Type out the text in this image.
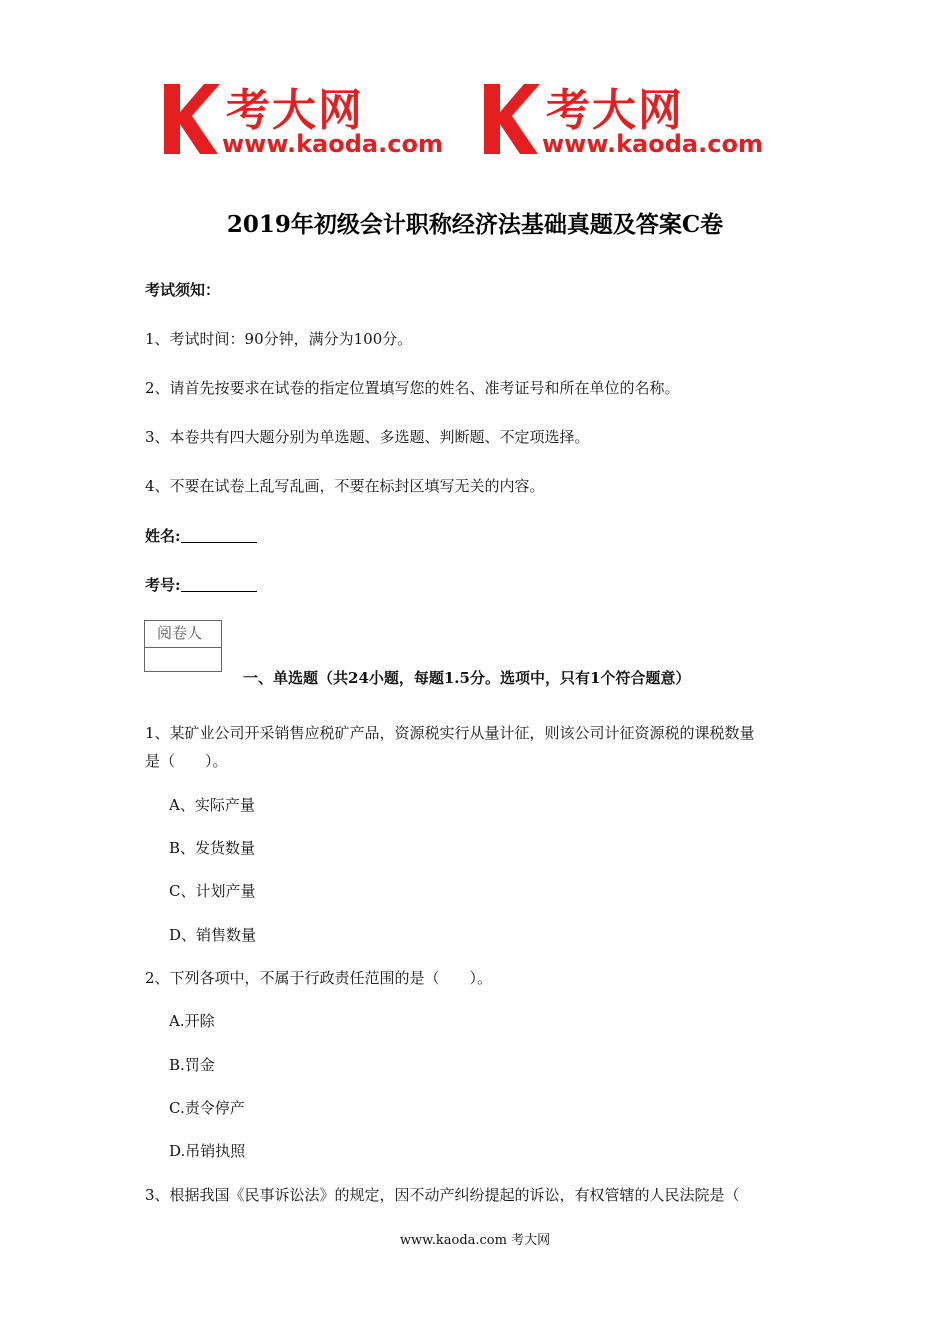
考大网
www.kaoda.com
考大网
www.kaoda.com
2019年初级会计职称经济法基础真题及答案C卷
考试须知：
1、考试时间：90分钟，满分为100分。
2、请首先按要求在试卷的指定位置填写您的姓名、准考证号和所在单位的名称。
3、本卷共有四大题分别为单选题、多选题、判断题、不定项选择。
4、不要在试卷上乱写乱画，不要在标封区填写无关的内容。
姓名:
考号:
阅卷人
一、单选题（共24小题，每题1.5分。选项中，只有1个符合题意）
1、某矿业公司开采销售应税矿产品，资源税实行从量计征，则该公司计征资源税的课税数量
是（　　）。
A、实际产量
B、发货数量
C、计划产量
D、销售数量
2、下列各项中，不属于行政责任范围的是（　　）。
A.开除
B.罚金
C.责令停产
D.吊销执照
3、根据我国《民事诉讼法》的规定，因不动产纠纷提起的诉讼，有权管辖的人民法院是（
www.kaoda.com 考大网
